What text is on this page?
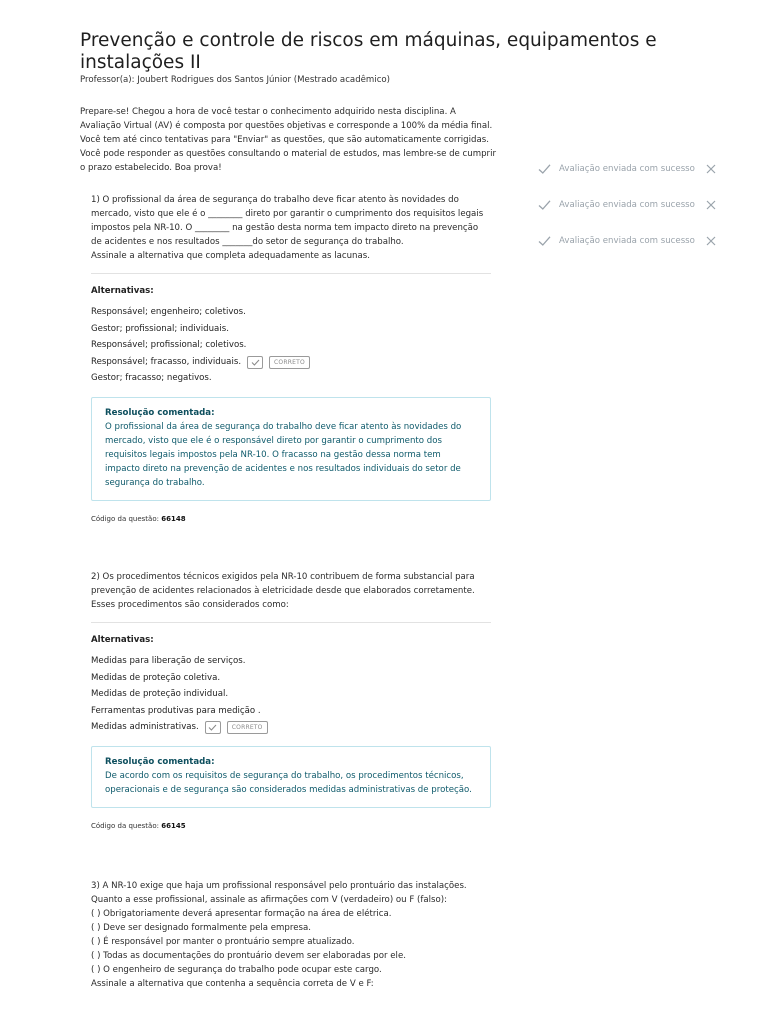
Prevenção e controle de riscos em máquinas, equipamentos e instalações II
Professor(a): Joubert Rodrigues dos Santos Júnior (Mestrado acadêmico)
Prepare-se! Chegou a hora de você testar o conhecimento adquirido nesta disciplina. A
Avaliação Virtual (AV) é composta por questões objetivas e corresponde a 100% da média final.
Você tem até cinco tentativas para "Enviar" as questões, que são automaticamente corrigidas.
Você pode responder as questões consultando o material de estudos, mas lembre-se de cumprir
o prazo estabelecido. Boa prova!	Avaliação enviada com sucesso
Avaliação enviada com sucesso
Avaliação enviada com sucesso
1) O profissional da área de segurança do trabalho deve ficar atento às novidades do
mercado, visto que ele é o ________ direto por garantir o cumprimento dos requisitos legais
impostos pela NR-10. O ________ na gestão desta norma tem impacto direto na prevenção
de acidentes e nos resultados _______do setor de segurança do trabalho.
Assinale a alternativa que completa adequadamente as lacunas.
Alternativas:
Responsável; engenheiro; coletivos.
Gestor; profissional; individuais.
Responsável; profissional; coletivos.
Responsável; fracasso, individuais.	CORRETO
Gestor; fracasso; negativos.
Resolução comentada:
O profissional da área de segurança do trabalho deve ficar atento às novidades do
mercado, visto que ele é o responsável direto por garantir o cumprimento dos
requisitos legais impostos pela NR-10. O fracasso na gestão dessa norma tem
impacto direto na prevenção de acidentes e nos resultados individuais do setor de
segurança do trabalho.
Código da questão: 66148
2) Os procedimentos técnicos exigidos pela NR-10 contribuem de forma substancial para
prevenção de acidentes relacionados à eletricidade desde que elaborados corretamente.
Esses procedimentos são considerados como:
Alternativas:
Medidas para liberação de serviços.
Medidas de proteção coletiva.
Medidas de proteção individual.
Ferramentas produtivas para medição .
Medidas administrativas.	CORRETO
Resolução comentada:
De acordo com os requisitos de segurança do trabalho, os procedimentos técnicos,
operacionais e de segurança são considerados medidas administrativas de proteção.
Código da questão: 66145
3) A NR-10 exige que haja um profissional responsável pelo prontuário das instalações.
Quanto a esse profissional, assinale as afirmações com V (verdadeiro) ou F (falso):
( ) Obrigatoriamente deverá apresentar formação na área de elétrica.
( ) Deve ser designado formalmente pela empresa.
( ) É responsável por manter o prontuário sempre atualizado.
( ) Todas as documentações do prontuário devem ser elaboradas por ele.
( ) O engenheiro de segurança do trabalho pode ocupar este cargo.
Assinale a alternativa que contenha a sequência correta de V e F:
